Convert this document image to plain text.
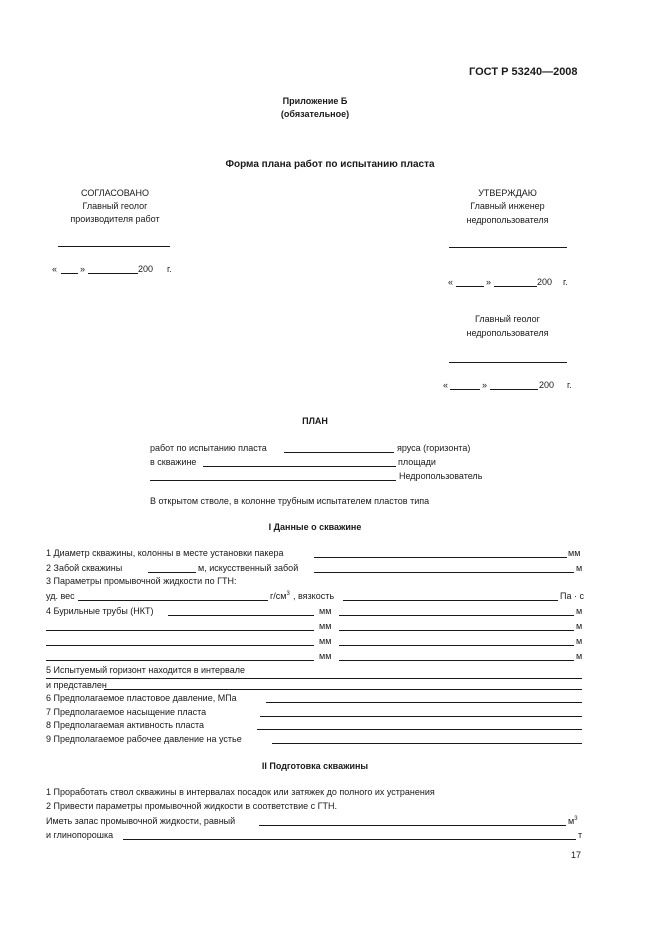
ГОСТ Р 53240—2008
Приложение Б
(обязательное)
Форма плана работ по испытанию пласта
СОГЛАСОВАНО
Главный геолог
производителя работ
«	»	200 г.
УТВЕРЖДАЮ
Главный инженер
недропользователя
«	»	200 г.
Главный геолог
недропользователя
«	»	200 г.
ПЛАН
работ по испытанию пласта	яруса (горизонта)
в скважине	площади
Недропользователь
В открытом стволе, в колонне трубным испытателем пластов типа
I Данные о скважине
1 Диаметр скважины, колонны в месте установки пакера	мм
2 Забой скважины	м, искусственный забой	м
3 Параметры промывочной жидкости по ГТН:
уд. вес	$г/см^3$ , вязкость	Па · с
4 Бурильные трубы (НКТ)	мм	м
мм	м
мм	м
мм	м
5 Испытуемый горизонт находится в интервале
и представлен
6 Предполагаемое пластовое давление, МПа
7 Предполагаемое насыщение пласта
8 Предполагаемая активность пласта
9 Предполагаемое рабочее давление на устье
II Подготовка скважины
1 Проработать ствол скважины в интервалах посадок или затяжек до полного их устранения
2 Привести параметры промывочной жидкости в соответствие с ГТН.
Иметь запас промывочной жидкости, равный	$м^3$
и глинопорошка	т
17
